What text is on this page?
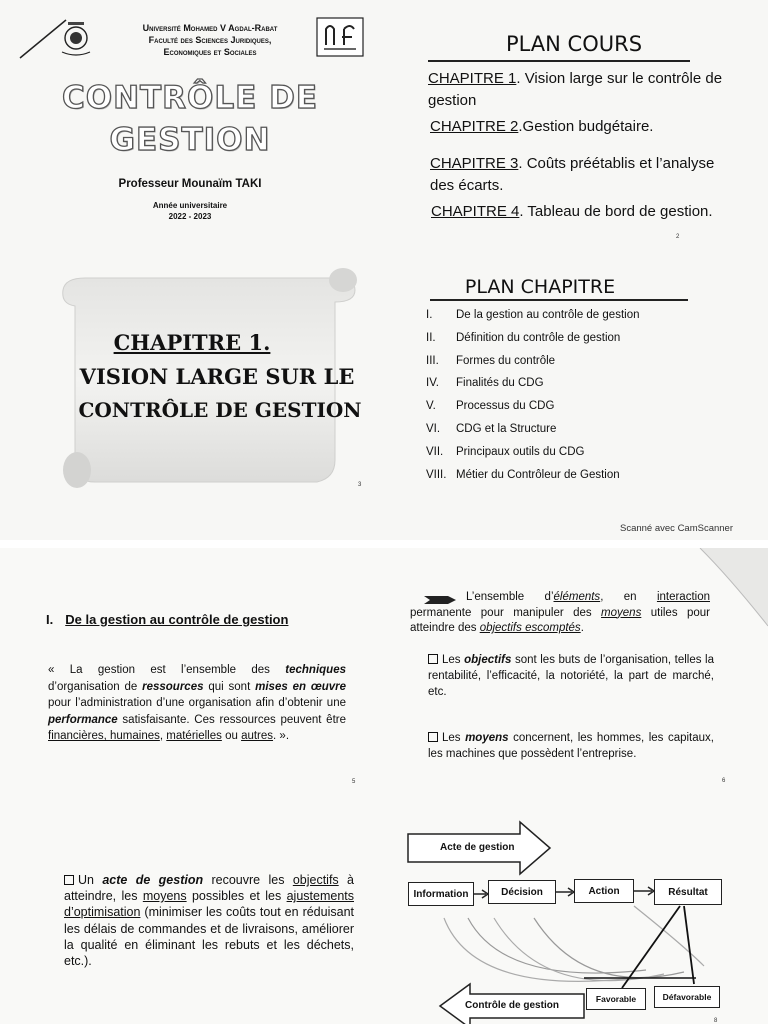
Université Mohamed V Agdal-Rabat
Faculté des Sciences Juridiques,
Economiques et Sociales
CONTRÔLE DE
GESTION
Professeur Mounaïm TAKI
Année universitaire
2022 - 2023
PLAN COURS
CHAPITRE 1. Vision large sur le contrôle de gestion
CHAPITRE 2.Gestion budgétaire.
CHAPITRE 3. Coûts préétablis et l’analyse des écarts.
CHAPITRE 4. Tableau de bord de gestion.
2
CHAPITRE 1.
VISION LARGE SUR LE
CONTRÔLE DE GESTION
3
PLAN CHAPITRE
I. De la gestion au contrôle de gestion
II. Définition du contrôle de gestion
III. Formes du contrôle
IV. Finalités du CDG
V. Processus du CDG
VI. CDG et la Structure
VII. Principaux outils du CDG
VIII. Métier du Contrôleur de Gestion
Scanné avec CamScanner
I. De la gestion au contrôle de gestion
« La gestion est l’ensemble des techniques d’organisation de ressources qui sont mises en œuvre pour l’administration d’une organisation afin d’obtenir une performance satisfaisante. Ces ressources peuvent être financières, humaines, matérielles ou autres. ».
5
L’ensemble d’éléments, en interaction permanente pour manipuler des moyens utiles pour atteindre des objectifs escomptés.
Les objectifs sont les buts de l’organisation, telles la rentabilité, l’efficacité, la notoriété, la part de marché, etc.
Les moyens concernent, les hommes, les capitaux, les machines que possèdent l’entreprise.
6
Un acte de gestion recouvre les objectifs à atteindre, les moyens possibles et les ajustements d’optimisation (minimiser les coûts tout en réduisant les délais de commandes et de livraisons, améliorer la qualité en éliminant les rebuts et les déchets, etc.).
Acte de gestion
Information	Décision	Action	Résultat
Contrôle de gestion
Favorable	Défavorable
8
